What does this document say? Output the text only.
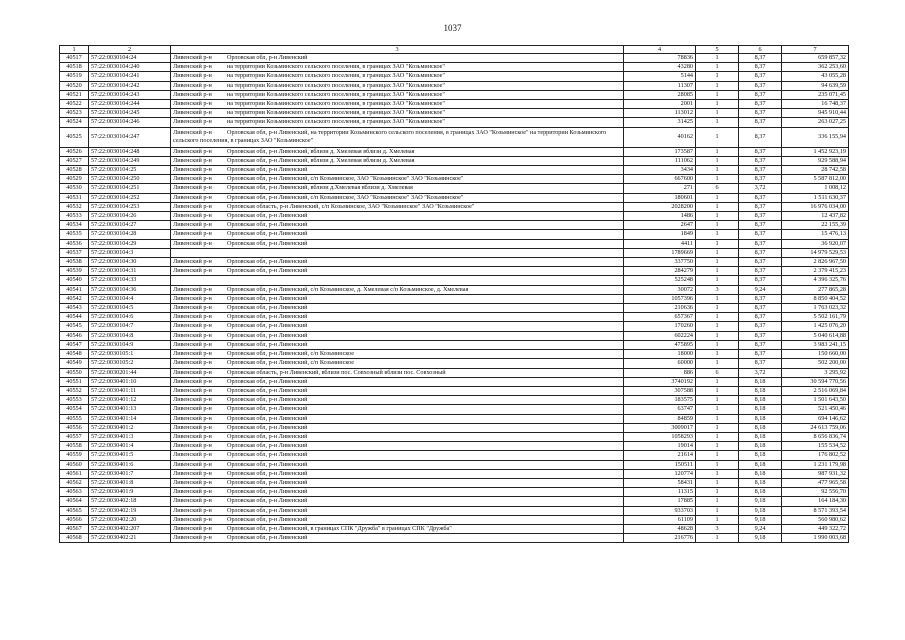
1037
1	2	3	4	5	6	7
40517	57:22:0030104:24	Ливенский р-н Орловская обл, р-н Ливенский	78836	1	8,37	659 857,32
40518	57:22:0030104:240	Ливенский р-н на территории Козьминского сельского поселения, в границах ЗАО "Козьминское"	43280	1	8,37	362 253,60
40519	57:22:0030104:241	Ливенский р-н на территории Козьминского сельского поселения, в границах ЗАО "Козьминское"	5144	1	8,37	43 055,28
40520	57:22:0030104:242	Ливенский р-н на территории Козьминского сельского поселения, в границах ЗАО "Козьминское"	11307	1	8,37	94 639,59
40521	57:22:0030104:243	Ливенский р-н на территории Козьминского сельского поселения, в границах ЗАО "Козьминское"	28085	1	8,37	235 071,45
40522	57:22:0030104:244	Ливенский р-н на территории Козьминского сельского поселения, в границах ЗАО "Козьминское"	2001	1	8,37	16 748,37
40523	57:22:0030104:245	Ливенский р-н на территории Козьминского сельского поселения, в границах ЗАО "Козьминское"	113012	1	8,37	945 910,44
40524	57:22:0030104:246	Ливенский р-н на территории Козьминского сельского поселения, в границах ЗАО "Козьминское"	31425	1	8,37	263 027,25
40525	57:22:0030104:247	Ливенский р-н Орловская обл, р-н Ливенский, на территории Козьминского сельского поселения, в границах ЗАО "Козьминское" на территории Козьминского сельского поселения, в границах ЗАО "Козьминское"	40162	1	8,37	336 155,94
40526	57:22:0030104:248	Ливенский р-н Орловская обл, р-н Ливенский, вблизи д. Хмелевая вблизи д. Хмелевая	173587	1	8,37	1 452 923,19
40527	57:22:0030104:249	Ливенский р-н Орловская обл, р-н Ливенский, вблизи д. Хмелевая вблизи д. Хмелевая	111062	1	8,37	929 588,94
40528	57:22:0030104:25	Ливенский р-н Орловская обл, р-н Ливенский	3434	1	8,37	28 742,58
40529	57:22:0030104:250	Ливенский р-н Орловская обл, р-н Ливенский, с/п Козьминское, ЗАО "Козьминское" ЗАО "Козьминское"	667600	1	8,37	5 587 812,00
40530	57:22:0030104:251	Ливенский р-н Орловская обл, р-н Ливенский, вблизи д.Хмелевая вблизи д. Хмелевая	271	6	3,72	1 008,12
40531	57:22:0030104:252	Ливенский р-н Орловская обл, р-н Ливенский, с/п Козьминское, ЗАО "Козьминское" ЗАО "Козьминское"	180601	1	8,37	1 511 630,37
40532	57:22:0030104:253	Ливенский р-н Орловская область, р-н Ливенский, с/п Козьминское, ЗАО "Козьминское" ЗАО "Козьминское"	2028200	1	8,37	16 976 034,00
40533	57:22:0030104:26	Ливенский р-н Орловская обл, р-н Ливенский	1486	1	8,37	12 437,82
40534	57:22:0030104:27	Ливенский р-н Орловская обл, р-н Ливенский	2647	1	8,37	22 155,39
40535	57:22:0030104:28	Ливенский р-н Орловская обл, р-н Ливенский	1849	1	8,37	15 476,13
40536	57:22:0030104:29	Ливенский р-н Орловская обл, р-н Ливенский	4411	1	8,37	36 920,07
40537	57:22:0030104:3		1789669	1	8,37	14 979 529,53
40538	57:22:0030104:30	Ливенский р-н Орловская обл, р-н Ливенский	337750	1	8,37	2 826 967,50
40539	57:22:0030104:31	Ливенский р-н Орловская обл, р-н Ливенский	284279	1	8,37	2 379 415,23
40540	57:22:0030104:33		525248	1	8,37	4 396 325,76
40541	57:22:0030104:36	Ливенский р-н Орловская обл, р-н Ливенский, с/п Козьминское, д. Хмелевая с/п Козьминское, д. Хмелевая	30072	3	9,24	277 865,28
40542	57:22:0030104:4	Ливенский р-н Орловская обл, р-н Ливенский	1057396	1	8,37	8 850 404,52
40543	57:22:0030104:5	Ливенский р-н Орловская обл, р-н Ливенский	210636	1	8,37	1 763 023,32
40544	57:22:0030104:6	Ливенский р-н Орловская обл, р-н Ливенский	657367	1	8,37	5 502 161,79
40545	57:22:0030104:7	Ливенский р-н Орловская обл, р-н Ливенский	170260	1	8,37	1 425 076,20
40546	57:22:0030104:8	Ливенский р-н Орловская обл, р-н Ливенский	602224	1	8,37	5 040 614,88
40547	57:22:0030104:9	Ливенский р-н Орловская обл, р-н Ливенский	475895	1	8,37	3 983 241,15
40548	57:22:0030105:1	Ливенский р-н Орловская обл, р-н Ливенский, с/п Козьминское	18000	1	8,37	150 660,00
40549	57:22:0030105:2	Ливенский р-н Орловская обл, р-н Ливенский, с/п Козьминское	60000	1	8,37	502 200,00
40550	57:22:0030201:44	Ливенский р-н Орловская область, р-н Ливенский, вблизи пос. Совхозный вблизи пос. Совхозный	886	6	3,72	3 295,92
40551	57:22:0030401:10	Ливенский р-н Орловская обл, р-н Ливенский	3740192	1	8,18	30 594 770,56
40552	57:22:0030401:11	Ливенский р-н Орловская обл, р-н Ливенский	307588	1	8,18	2 516 069,84
40553	57:22:0030401:12	Ливенский р-н Орловская обл, р-н Ливенский	183575	1	8,18	1 501 643,50
40554	57:22:0030401:13	Ливенский р-н Орловская обл, р-н Ливенский	63747	1	8,18	521 450,46
40555	57:22:0030401:14	Ливенский р-н Орловская обл, р-н Ливенский	84859	1	8,18	694 146,62
40556	57:22:0030401:2	Ливенский р-н Орловская обл, р-н Ливенский	3009017	1	8,18	24 613 759,06
40557	57:22:0030401:3	Ливенский р-н Орловская обл, р-н Ливенский	1058293	1	8,18	8 656 836,74
40558	57:22:0030401:4	Ливенский р-н Орловская обл, р-н Ливенский	19014	1	8,18	155 534,52
40559	57:22:0030401:5	Ливенский р-н Орловская обл, р-н Ливенский	21614	1	8,18	176 802,52
40560	57:22:0030401:6	Ливенский р-н Орловская обл, р-н Ливенский	150511	1	8,18	1 231 179,98
40561	57:22:0030401:7	Ливенский р-н Орловская обл, р-н Ливенский	120774	1	8,18	987 931,32
40562	57:22:0030401:8	Ливенский р-н Орловская обл, р-н Ливенский	58431	1	8,18	477 965,58
40563	57:22:0030401:9	Ливенский р-н Орловская обл, р-н Ливенский	11315	1	8,18	92 556,70
40564	57:22:0030402:18	Ливенский р-н Орловская обл, р-н Ливенский	17885	1	9,18	164 184,30
40565	57:22:0030402:19	Ливенский р-н Орловская обл, р-н Ливенский	933703	1	9,18	8 571 393,54
40566	57:22:0030402:20	Ливенский р-н Орловская обл, р-н Ливенский	61109	1	9,18	560 980,62
40567	57:22:0030402:207	Ливенский р-н Орловская обл, р-н Ливенский, в границах СПК "Дружба" в границах СПК "Дружба"	48628	3	9,24	449 322,72
40568	57:22:0030402:21	Ливенский р-н Орловская обл, р-н Ливенский	216776	1	9,18	1 990 003,68
